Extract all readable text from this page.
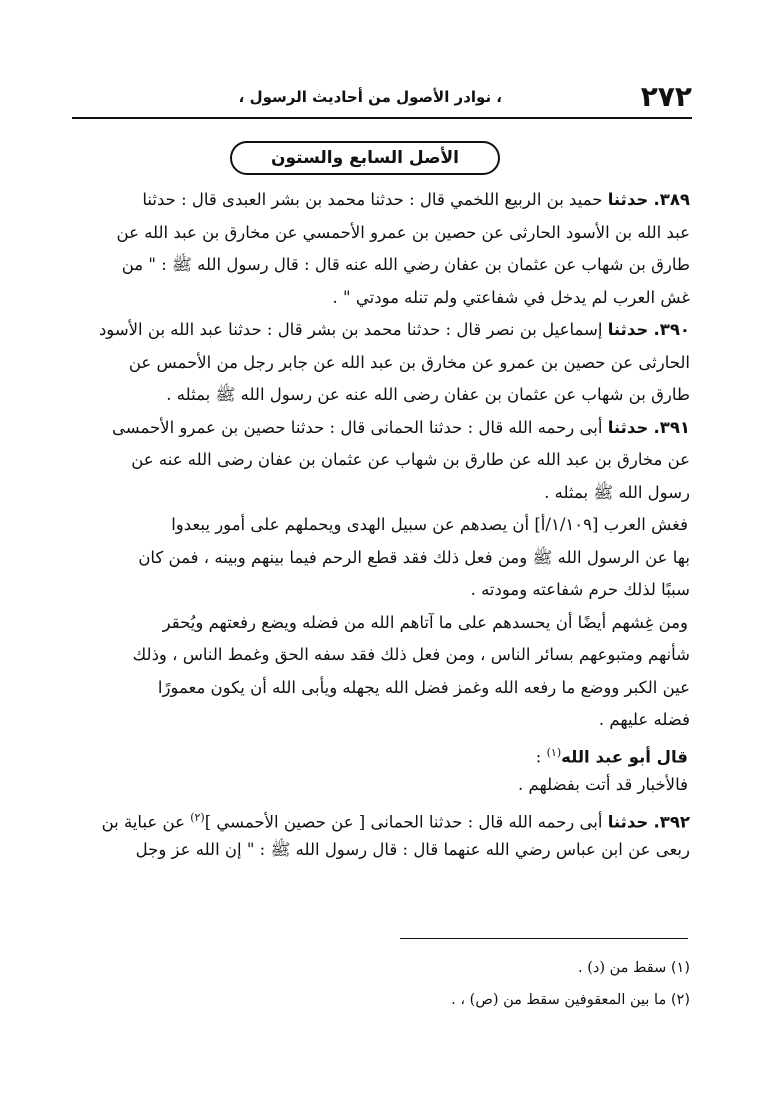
٢٧٢
، نوادر الأصول من أحاديث الرسول ،
الأصل السابع والستون
٣٨٩. حدثنا حميد بن الربيع اللخمي قال : حدثنا محمد بن بشر العبدى قال : حدثنا
عبد الله بن الأسود الحارثى عن حصين بن عمرو الأحمسي عن مخارق بن عبد الله عن
طارق بن شهاب عن عثمان بن عفان رضي الله عنه قال : قال رسول الله ﷺ : " من
غش العرب لم يدخل في شفاعتي ولم تنله مودتي " .
٣٩٠. حدثنا إسماعيل بن نصر قال : حدثنا محمد بن بشر قال : حدثنا عبد الله بن الأسود
الحارثى عن حصين بن عمرو عن مخارق بن عبد الله عن جابر رجل من الأحمس عن
طارق بن شهاب عن عثمان بن عفان رضى الله عنه عن رسول الله ﷺ بمثله .
٣٩١. حدثنا أبى رحمه الله قال : حدثنا الحمانى قال : حدثنا حصين بن عمرو الأحمسى
عن مخارق بن عبد الله عن طارق بن شهاب عن عثمان بن عفان رضى الله عنه عن
رسول الله ﷺ بمثله .
فغش العرب [١/١٠٩/أ] أن يصدهم عن سبيل الهدى ويحملهم على أمور يبعدوا
بها عن الرسول الله ﷺ ومن فعل ذلك فقد قطع الرحم فيما بينهم وبينه ، فمن كان
سببًا لذلك حرم شفاعته ومودته .
ومن غِشهم أيضًا أن يحسدهم على ما آتاهم الله من فضله ويضع رفعتهم ويُحقر
شأنهم ومتبوعهم بسائر الناس ، ومن فعل ذلك فقد سفه الحق وغمط الناس ، وذلك
عين الكبر ووضع ما رفعه الله وغمز فضل الله يجهله ويأبى الله أن يكون معمورًا
فضله عليهم .
قال أبو عبد الله$^{(١)}$ :
فالأخبار قد أتت بفضلهم .
٣٩٢. حدثنا أبى رحمه الله قال : حدثنا الحمانى [ عن حصين الأحمسي ]$^{(٢)}$ عن عباية بن
ربعى عن ابن عباس رضي الله عنهما قال : قال رسول الله ﷺ : " إن الله عز وجل
(١) سقط من (د) .
(٢) ما بين المعقوفين سقط من (ص) ، .
